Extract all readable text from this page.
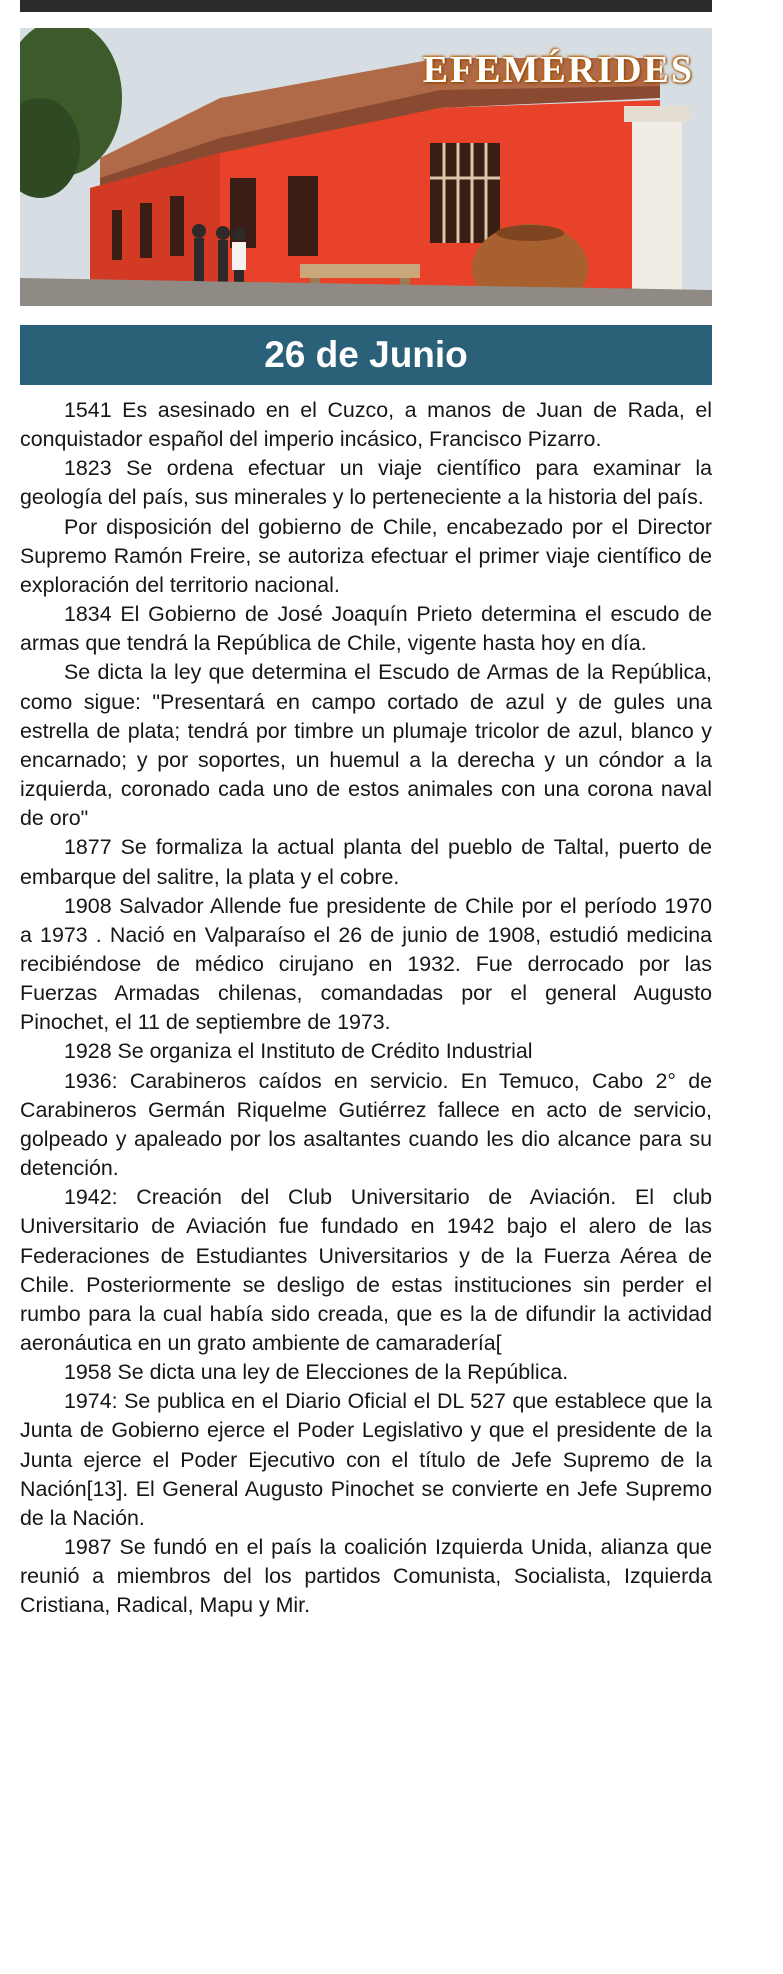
EFEMÉRIDES
26 de Junio

1541 Es asesinado en el Cuzco, a manos de Juan de Rada, el conquistador español del imperio incásico, Francisco Pizarro.

1823 Se ordena efectuar un viaje científico para examinar la geología del país, sus minerales y lo perteneciente a la historia del país.

Por disposición del gobierno de Chile, encabezado por el Director Supremo Ramón Freire, se autoriza efectuar el primer viaje científico de exploración del territorio nacional.

1834 El Gobierno de José Joaquín Prieto determina el escudo de armas que tendrá la República de Chile, vigente hasta hoy en día.

Se dicta la ley que determina el Escudo de Armas de la República, como sigue: "Presentará en campo cortado de azul y de gules una estrella de plata; tendrá por timbre un plumaje tricolor de azul, blanco y encarnado; y por soportes, un huemul a la derecha y un cóndor a la izquierda, coronado cada uno de estos animales con una corona naval de oro"

1877 Se formaliza la actual planta del pueblo de Taltal, puerto de embarque del salitre, la plata y el cobre.

1908 Salvador Allende fue presidente de Chile por el período 1970 a 1973 . Nació en Valparaíso el 26 de junio de 1908, estudió medicina recibiéndose de médico cirujano en 1932. Fue derrocado por las Fuerzas Armadas chilenas, comandadas por el general Augusto Pinochet, el 11 de septiembre de 1973.

1928 Se organiza el Instituto de Crédito Industrial

1936: Carabineros caídos en servicio. En Temuco, Cabo 2° de Carabineros Germán Riquelme Gutiérrez fallece en acto de servicio, golpeado y apaleado por los asaltantes cuando les dio alcance para su detención.

1942: Creación del Club Universitario de Aviación. El club Universitario de Aviación fue fundado en 1942 bajo el alero de las Federaciones de Estudiantes Universitarios y de la Fuerza Aérea de Chile. Posteriormente se desligo de estas instituciones sin perder el rumbo para la cual había sido creada, que es la de difundir la actividad aeronáutica en un grato ambiente de camaradería[

1958 Se dicta una ley de Elecciones de la República.

1974: Se publica en el Diario Oficial el DL 527 que establece que la Junta de Gobierno ejerce el Poder Legislativo y que el presidente de la Junta ejerce el Poder Ejecutivo con el título de Jefe Supremo de la Nación[13]. El General Augusto Pinochet se convierte en Jefe Supremo de la Nación.

1987 Se fundó en el país la coalición Izquierda Unida, alianza que reunió a miembros del los partidos Comunista, Socialista, Izquierda Cristiana, Radical, Mapu y Mir.
